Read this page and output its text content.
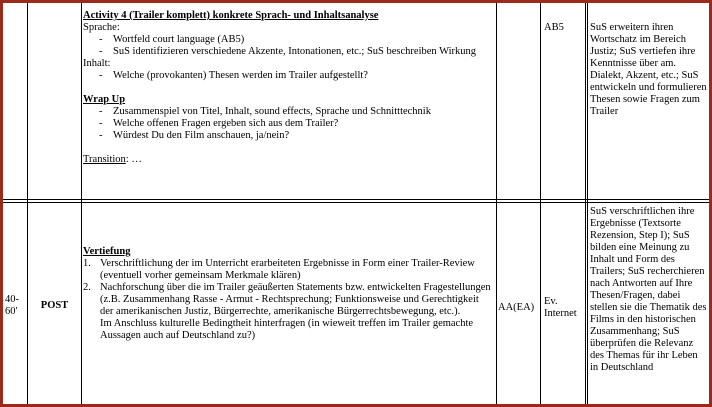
Activity 4 (Trailer komplett) konkrete Sprach- und Inhaltsanalyse
Sprache:
- Wortfeld court language (AB5)
- SuS identifizieren verschiedene Akzente, Intonationen, etc.; SuS beschreiben Wirkung
Inhalt:
- Welche (provokanten) Thesen werden im Trailer aufgestellt?
Wrap Up
- Zusammenspiel von Titel, Inhalt, sound effects, Sprache und Schnitttechnik
- Welche offenen Fragen ergeben sich aus dem Trailer?
- Würdest Du den Film anschauen, ja/nein?
Transition: …
AB5	SuS erweitern ihren Wortschatz im Bereich Justiz; SuS vertiefen ihre Kenntnisse über am. Dialekt, Akzent, etc.; SuS entwickeln und formulieren Thesen sowie Fragen zum Trailer
40-60'
POST
Vertiefung
1. Verschriftlichung der im Unterricht erarbeiteten Ergebnisse in Form einer Trailer-Review (eventuell vorher gemeinsam Merkmale klären)
2. Nachforschung über die im Trailer geäußerten Statements bzw. entwickelten Fragestellungen (z.B. Zusammenhang Rasse - Armut - Rechtsprechung; Funktionsweise und Gerechtigkeit der amerikanischen Justiz, Bürgerrechte, amerikanische Bürgerrechtsbewegung, etc.).
Im Anschluss kulturelle Bedingtheit hinterfragen (in wieweit treffen im Trailer gemachte Aussagen auch auf Deutschland zu?)
AA(EA)
Ev. Internet
SuS verschriftlichen ihre Ergebnisse (Textsorte Rezension, Step I); SuS bilden eine Meinung zu Inhalt und Form des Trailers; SuS recherchieren nach Antworten auf Ihre Thesen/Fragen, dabei stellen sie die Thematik des Films in den historischen Zusammenhang; SuS überprüfen die Relevanz des Themas für ihr Leben in Deutschland
